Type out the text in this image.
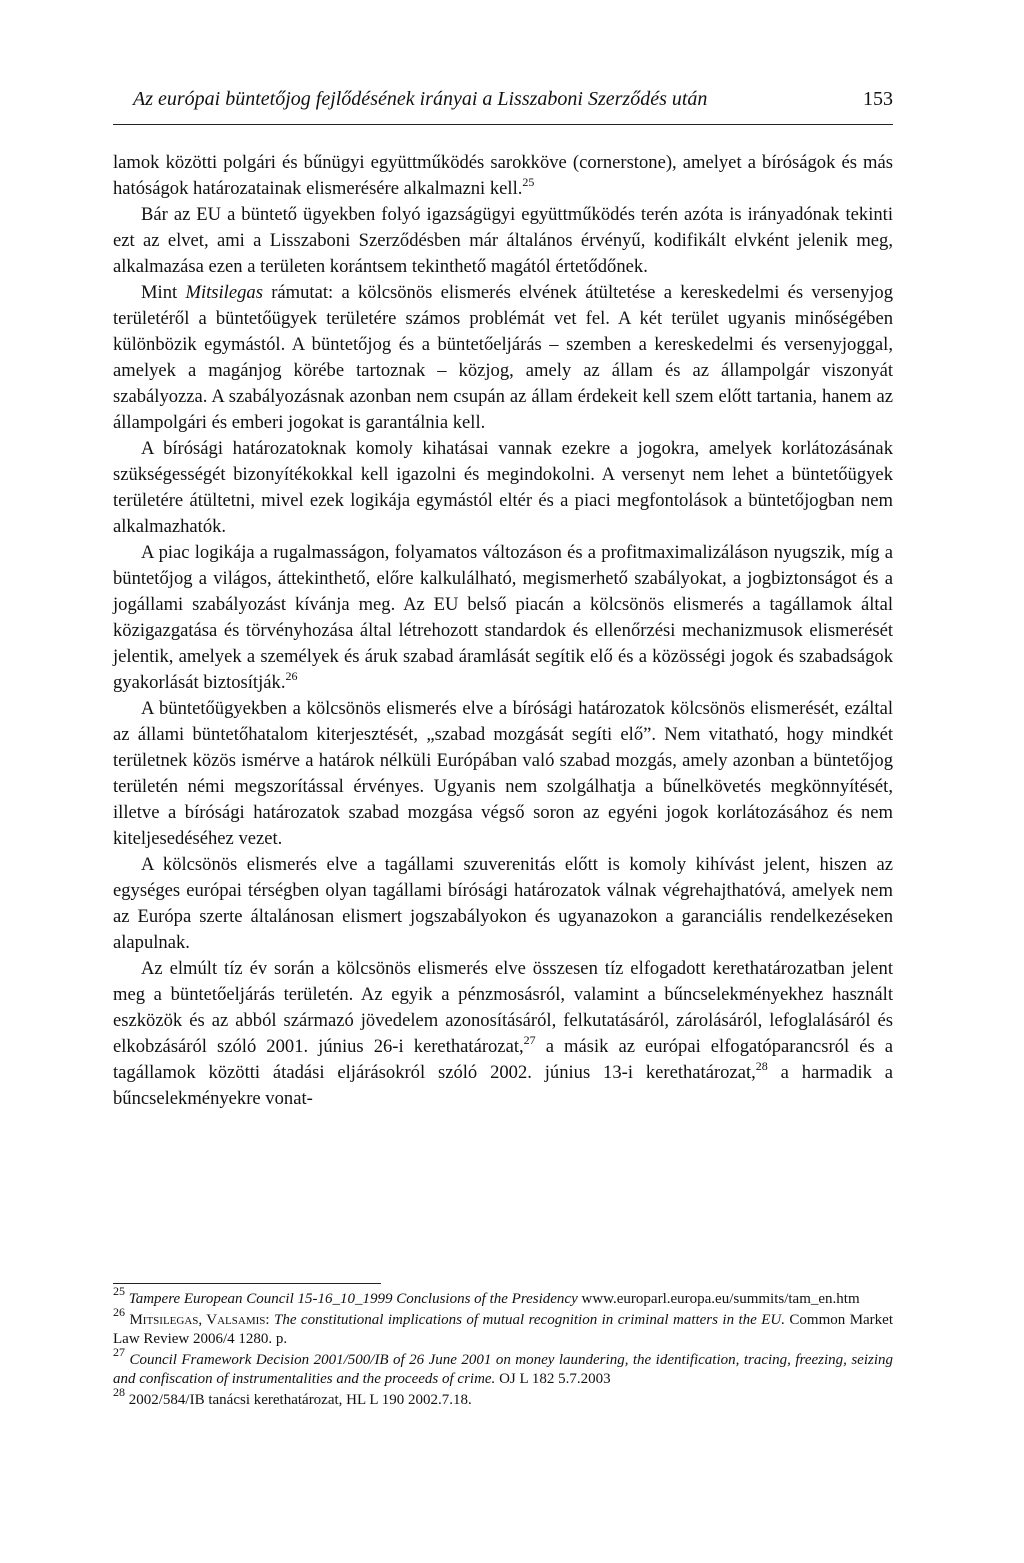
Az európai büntetőjog fejlődésének irányai a Lisszaboni Szerződés után	153

lamok közötti polgári és bűnügyi együttműködés sarokköve (cornerstone), amelyet a bíróságok és más hatóságok határozatainak elismerésére alkalmazni kell.$^{25}$

Bár az EU a büntető ügyekben folyó igazságügyi együttműködés terén azóta is irányadónak tekinti ezt az elvet, ami a Lisszaboni Szerződésben már általános érvényű, kodifikált elvként jelenik meg, alkalmazása ezen a területen korántsem tekinthető magától értetődőnek.

Mint Mitsilegas rámutat: a kölcsönös elismerés elvének átültetése a kereskedelmi és versenyjog területéről a büntetőügyek területére számos problémát vet fel. A két terület ugyanis minőségében különbözik egymástól. A büntetőjog és a büntetőeljárás – szemben a kereskedelmi és versenyjoggal, amelyek a magánjog körébe tartoznak – közjog, amely az állam és az állampolgár viszonyát szabályozza. A szabályozásnak azonban nem csupán az állam érdekeit kell szem előtt tartania, hanem az állampolgári és emberi jogokat is garantálnia kell.

A bírósági határozatoknak komoly kihatásai vannak ezekre a jogokra, amelyek korlátozásának szükségességét bizonyítékokkal kell igazolni és megindokolni. A versenyt nem lehet a büntetőügyek területére átültetni, mivel ezek logikája egymástól eltér és a piaci megfontolások a büntetőjogban nem alkalmazhatók.

A piac logikája a rugalmasságon, folyamatos változáson és a profitmaximalizáláson nyugszik, míg a büntetőjog a világos, áttekinthető, előre kalkulálható, megismerhető szabályokat, a jogbiztonságot és a jogállami szabályozást kívánja meg. Az EU belső piacán a kölcsönös elismerés a tagállamok által közigazgatása és törvényhozása által létrehozott standardok és ellenőrzési mechanizmusok elismerését jelentik, amelyek a személyek és áruk szabad áramlását segítik elő és a közösségi jogok és szabadságok gyakorlását biztosítják.$^{26}$

A büntetőügyekben a kölcsönös elismerés elve a bírósági határozatok kölcsönös elismerését, ezáltal az állami büntetőhatalom kiterjesztését, „szabad mozgását segíti elő”. Nem vitatható, hogy mindkét területnek közös ismérve a határok nélküli Európában való szabad mozgás, amely azonban a büntetőjog területén némi megszorítással érvényes. Ugyanis nem szolgálhatja a bűnelkövetés megkönnyítését, illetve a bírósági határozatok szabad mozgása végső soron az egyéni jogok korlátozásához és nem kiteljesedéséhez vezet.

A kölcsönös elismerés elve a tagállami szuverenitás előtt is komoly kihívást jelent, hiszen az egységes európai térségben olyan tagállami bírósági határozatok válnak végrehajthatóvá, amelyek nem az Európa szerte általánosan elismert jogszabályokon és ugyanazokon a garanciális rendelkezéseken alapulnak.

Az elmúlt tíz év során a kölcsönös elismerés elve összesen tíz elfogadott kerethatározatban jelent meg a büntetőeljárás területén. Az egyik a pénzmosásról, valamint a bűncselekményekhez használt eszközök és az abból származó jövedelem azonosításáról, felkutatásáról, zárolásáról, lefoglalásáról és elkobzásáról szóló 2001. június 26-i kerethatározat,$^{27}$ a másik az európai elfogatóparancsról és a tagállamok közötti átadási eljárásokról szóló 2002. június 13-i kerethatározat,$^{28}$ a harmadik a bűncselekményekre vonat-

$^{25}$ Tampere European Council 15-16_10_1999 Conclusions of the Presidency www.europarl.europa.eu/summits/tam_en.htm

$^{26}$ Mitsilegas, Valsamis: The constitutional implications of mutual recognition in criminal matters in the EU. Common Market Law Review 2006/4 1280. p.

$^{27}$ Council Framework Decision 2001/500/IB of 26 June 2001 on money laundering, the identification, tracing, freezing, seizing and confiscation of instrumentalities and the proceeds of crime. OJ L 182 5.7.2003

$^{28}$ 2002/584/IB tanácsi kerethatározat, HL L 190 2002.7.18.
